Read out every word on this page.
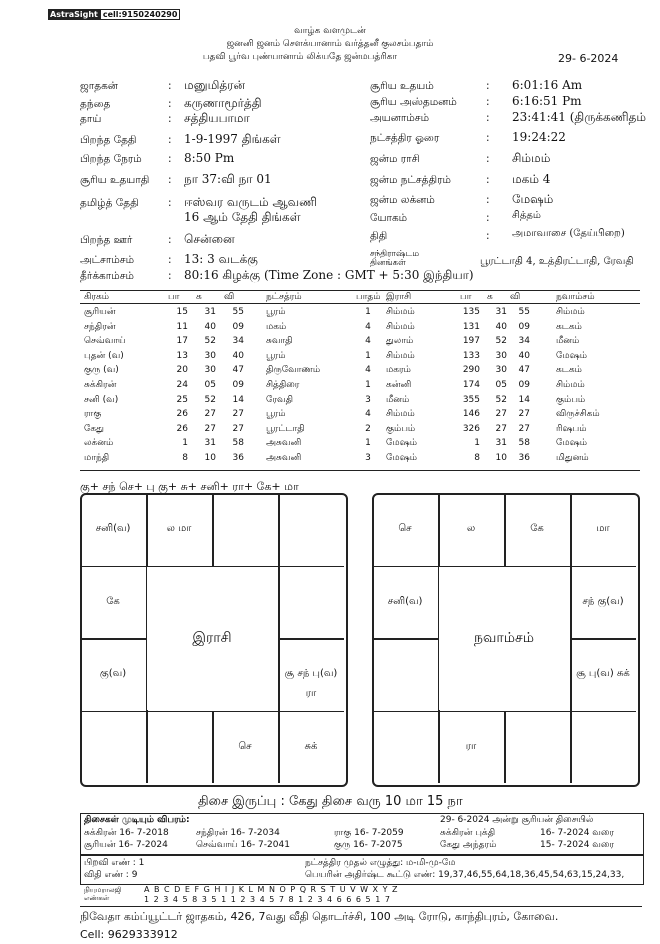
AstraSight cell:9150240290
வாழ்க வளமுடன்
ஜனனி ஜனம் சௌக்யானாம் வர்த்தனீ குலசம்பதாம்
பதவி பூர்வ புண்யானாம் லிக்யதே ஜன்மபத்ரிகா	29- 6-2024
ஜாதகன்	: மனுமித்ரன்
தந்தை	: கருணாமூர்த்தி
தாய்	: சத்தியபாமா
பிறந்த தேதி	: 1-9-1997 திங்கள்
பிறந்த நேரம்	: 8:50 Pm
சூரிய உதயாதி : நா 37:வி நா 01
தமிழ்த் தேதி	: ஈஸ்வர வருடம் ஆவணி
16 ஆம் தேதி திங்கள்
பிறந்த ஊர்	: சென்னை
அட்சாம்சம்	: 13: 3 வடக்கு
தீர்க்காம்சம்	: 80:16 கிழக்கு (Time Zone : GMT + 5:30 இந்தியா)
சூரிய உதயம்	: 6:01:16 Am
சூரிய அஸ்தமனம்	: 6:16:51 Pm
அயனாம்சம்	: 23:41:41 (திருக்கணிதம்
நட்சத்திர ஓரை	: 19:24:22
ஜன்ம ராசி	: சிம்மம்
ஜன்ம நட்சத்திரம்	: மகம் 4
ஜன்ம லக்னம்	: மேஷம்
யோகம்	: சித்தம்
திதி	: அமாவாசை (தேய்பிறை)
சந்திராஷ்டம தினங்கள்	பூரட்டாதி 4, உத்திரட்டாதி, ரேவதி
கிரகம்	பா	க	வி	நட்சத்ரம்	பாதம் இராசி	பா	க	வி	நவாம்சம்
சூரியன்	15	31	55 பூரம்	1	சிம்மம்	135	31	55	சிம்மம்
சந்திரன்	11	40	09 மகம்	4	சிம்மம்	131	40	09	கடகம்
செவ்வாய்	17	52	34 சுவாதி	4	துலாம்	197	52	34	மீனம்
புதன் (வ)	13	30	40 பூரம்	1	சிம்மம்	133	30	40	மேஷம்
குரு (வ)	20	30	47 திருவோணம்	4	மகரம்	290	30	47	கடகம்
சுக்கிரன்	24	05	09 சித்திரை	1	கன்னி	174	05	09	சிம்மம்
சனி (வ)	25	52	14 ரேவதி	3	மீனம்	355	52	14	கும்பம்
ராகு	26	27	27 பூரம்	4	சிம்மம்	146	27	27	விருச்சிகம்
கேது	26	27	27 பூரட்டாதி	2	கும்பம்	326	27	27	ரிஷபம்
லக்னம்	1	31	58 அசுவனி	1	மேஷம்	1	31	58	மேஷம்
மாந்தி	8	10	36 அசுவனி	3	மேஷம்	8	10	36	மிதுனம்
கு+ சந் செ+ பு கு+ சு+ சனி+ ரா+ கே+ மா
இராசி
சனி(வ)	ல மா
கே
கு(வ)	சூ சந் பு(வ) ரா
செ	சுக்
நவாம்சம்
செ	ல	கே	மா
சனி(வ)	சந் கு(வ)
சூ பு(வ) சுக்
ரா
திசை இருப்பு : கேது திசை வரு 10 மா 15 நா
திசைகள் முடியும் விபரம்:	29- 6-2024 அன்று சூரியன் திசையில்
சுக்கிரன் 16- 7-2018	சந்திரன் 16- 7-2034	ராகு 16- 7-2059	சுக்கிரன் புக்தி	16- 7-2024 வரை
சூரியன் 16- 7-2024	செவ்வாய் 16- 7-2041	குரு 16- 7-2075	கேது அந்தரம்	15- 7-2024 வரை
பிறவி எண் : 1
விதி எண் : 9
நட்சத்திர முதல் எழுத்து: ம-மி-மு-மே
பெயரின் அதிர்ஷ்ட கூட்டு எண்: 19,37,46,55,64,18,36,45,54,63,15,24,33,
நியுமராலஜி எண்கள்
A B C D E F G H I J K L M N O P Q R S T U V W X Y Z
1 2 3 4 5 8 3 5 1 1 2 3 4 5 7 8 1 2 3 4 6 6 6 5 1 7
நிவேதா கம்ப்யூட்டர் ஜாதகம், 426, 7வது வீதி தொடர்ச்சி, 100 அடி ரோடு, காந்திபுரம், கோவை.
Cell: 9629333912
